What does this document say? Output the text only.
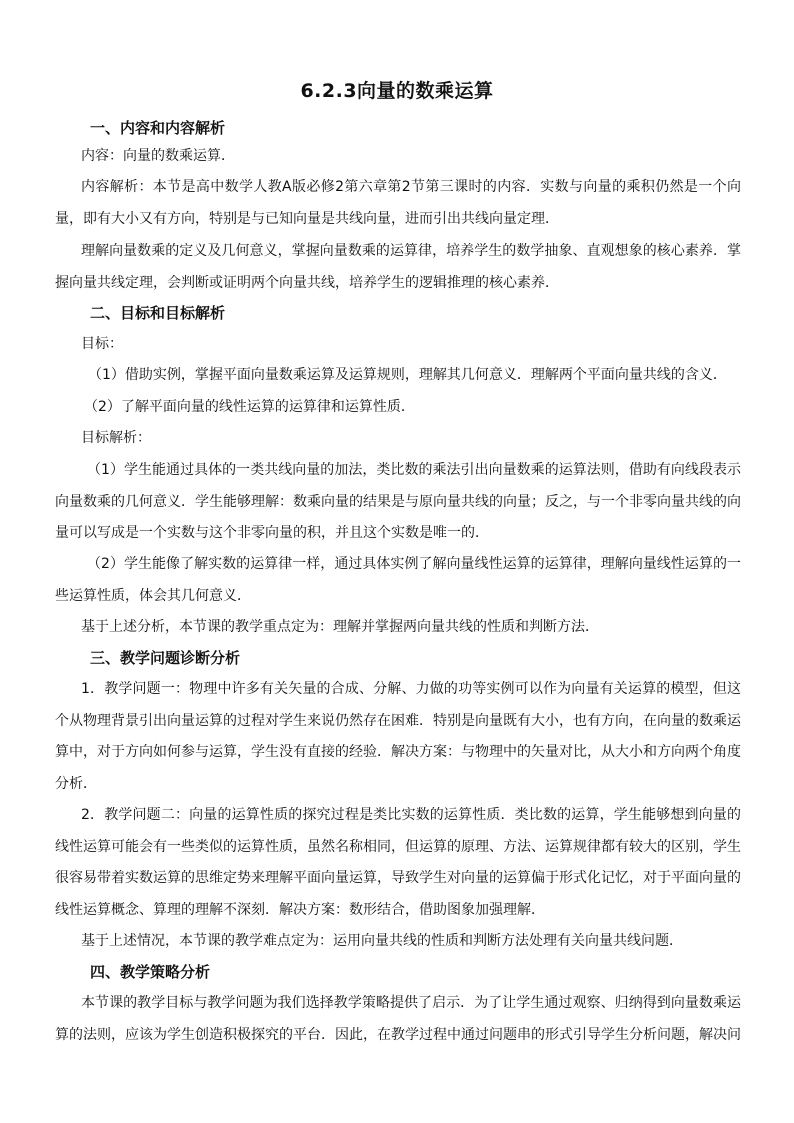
6.2.3向量的数乘运算
一、内容和内容解析
内容：向量的数乘运算．
内容解析：本节是高中数学人教A版必修2第六章第2节第三课时的内容．实数与向量的乘积仍然是一个向量，即有大小又有方向，特别是与已知向量是共线向量，进而引出共线向量定理．
理解向量数乘的定义及几何意义，掌握向量数乘的运算律，培养学生的数学抽象、直观想象的核心素养．掌握向量共线定理，会判断或证明两个向量共线，培养学生的逻辑推理的核心素养．
二、目标和目标解析
目标：
（1）借助实例，掌握平面向量数乘运算及运算规则，理解其几何意义．理解两个平面向量共线的含义．
（2）了解平面向量的线性运算的运算律和运算性质．
目标解析：
（1）学生能通过具体的一类共线向量的加法，类比数的乘法引出向量数乘的运算法则，借助有向线段表示向量数乘的几何意义．学生能够理解：数乘向量的结果是与原向量共线的向量；反之，与一个非零向量共线的向量可以写成是一个实数与这个非零向量的积，并且这个实数是唯一的．
（2）学生能像了解实数的运算律一样，通过具体实例了解向量线性运算的运算律，理解向量线性运算的一些运算性质，体会其几何意义．
基于上述分析，本节课的教学重点定为：理解并掌握两向量共线的性质和判断方法．
三、教学问题诊断分析
1．教学问题一：物理中许多有关矢量的合成、分解、力做的功等实例可以作为向量有关运算的模型，但这个从物理背景引出向量运算的过程对学生来说仍然存在困难．特别是向量既有大小，也有方向，在向量的数乘运算中，对于方向如何参与运算，学生没有直接的经验．解决方案：与物理中的矢量对比，从大小和方向两个角度分析．
2．教学问题二：向量的运算性质的探究过程是类比实数的运算性质．类比数的运算，学生能够想到向量的线性运算可能会有一些类似的运算性质，虽然名称相同，但运算的原理、方法、运算规律都有较大的区别，学生很容易带着实数运算的思维定势来理解平面向量运算，导致学生对向量的运算偏于形式化记忆，对于平面向量的线性运算概念、算理的理解不深刻．解决方案：数形结合，借助图象加强理解．
基于上述情况，本节课的教学难点定为：运用向量共线的性质和判断方法处理有关向量共线问题．
四、教学策略分析
本节课的教学目标与教学问题为我们选择教学策略提供了启示．为了让学生通过观察、归纳得到向量数乘运算的法则，应该为学生创造积极探究的平台．因此，在教学过程中通过问题串的形式引导学生分析问题，解决问
